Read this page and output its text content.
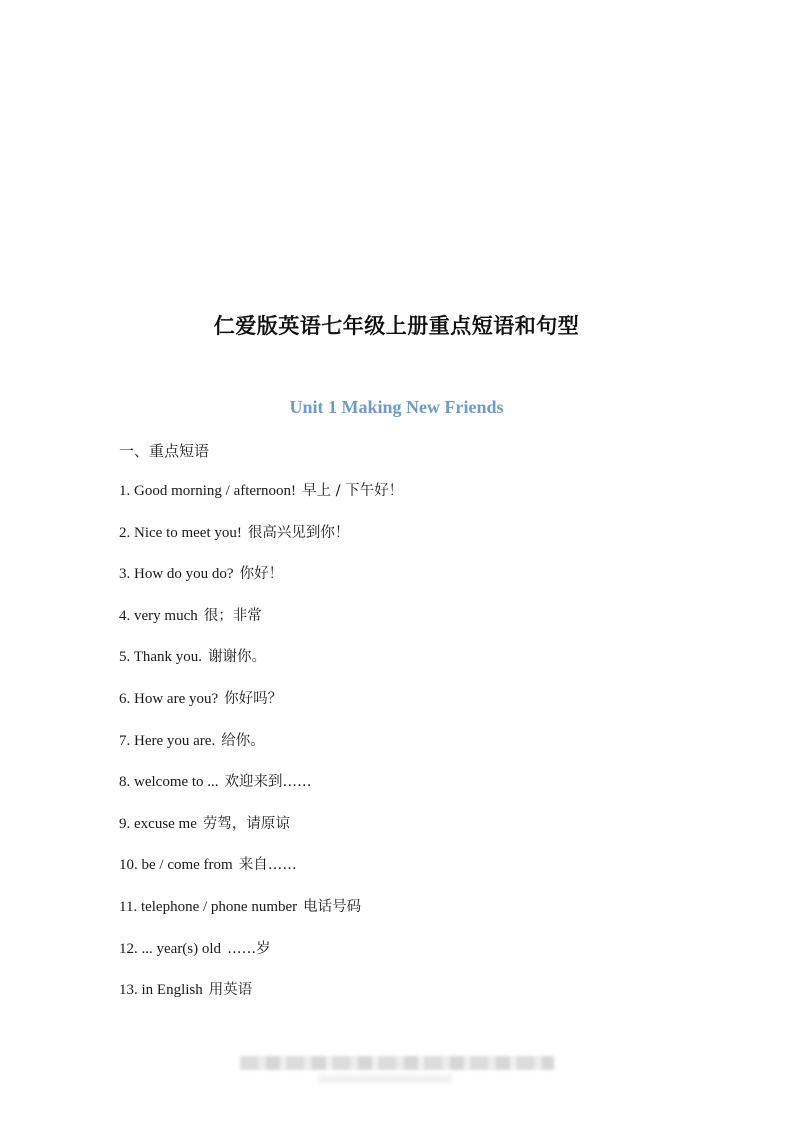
仁爱版英语七年级上册重点短语和句型
Unit 1 Making New Friends
一、重点短语
1. Good morning / afternoon! 早上 / 下午好！
2. Nice to meet you! 很高兴见到你！
3. How do you do? 你好！
4. very much 很；非常
5. Thank you. 谢谢你。
6. How are you? 你好吗？
7. Here you are. 给你。
8. welcome to ... 欢迎来到……
9. excuse me 劳驾，请原谅
10. be / come from 来自……
11. telephone / phone number 电话号码
12. ... year(s) old ……岁
13. in English 用英语
